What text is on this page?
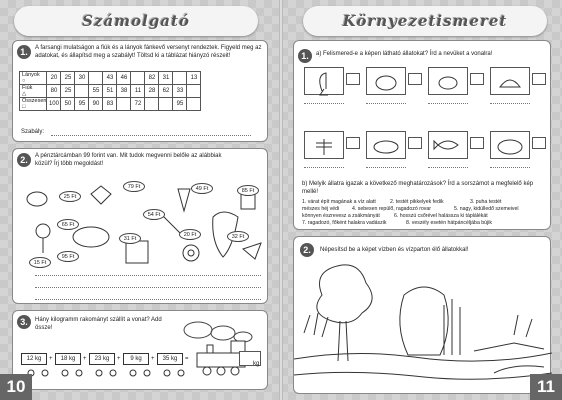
Számolgató
1.	A farsangi mulatságon a fiúk és a lányok fánkevő versenyt rendeztek. Figyeld meg az adatokat, és állapítsd meg a szabályt! Töltsd ki a táblázat hiányzó részeit!
Lányok
○	20	25	30		43	46		82	31		13
Fiúk
△	80	25		55	51	38	11	28	62	33	
Összesen
□	100	50	95	90	83		72			95	
Szabály:
2.	A pénztárcámban 99 forint van. Mit tudok megvenni belőle az alábbiak közül? Írj több megoldást!
25 Ft
79 Ft	49 Ft	85 Ft
54 Ft
32 Ft
31 Ft
20 Ft
65 Ft
95 Ft
15 Ft
3.	Hány kilogramm rakományt szállít a vonat? Add össze!
12 kg	+	18 kg	+	23 kg	+	9 kg	+	35 kg	=
kg
10
Környezetismeret
1.	a) Felismered-e a képen látható állatokat? Írd a nevüket a vonalra!
b) Melyik állatra igazak a következő meghatározások? Írd a sorszámot a megfelelő kép mellé!
1. várat épít magának a víz alatt	2. testét pikkelyek fedik	3. puha testét
mészes héj védi 4. sebesen repülő, ragadozó rovar	5. nagy, kidülledő szemeivel
könnyen észrevesz a zsákmányát	6. hosszú csőrével halássza ki táplálékát
7. ragadozó, főként halakra vadászik	8. veszély esetén hátpáncéljába bújik
2.	Népesítsd be a képet vízben és vízparton élő állatokkal!
11
